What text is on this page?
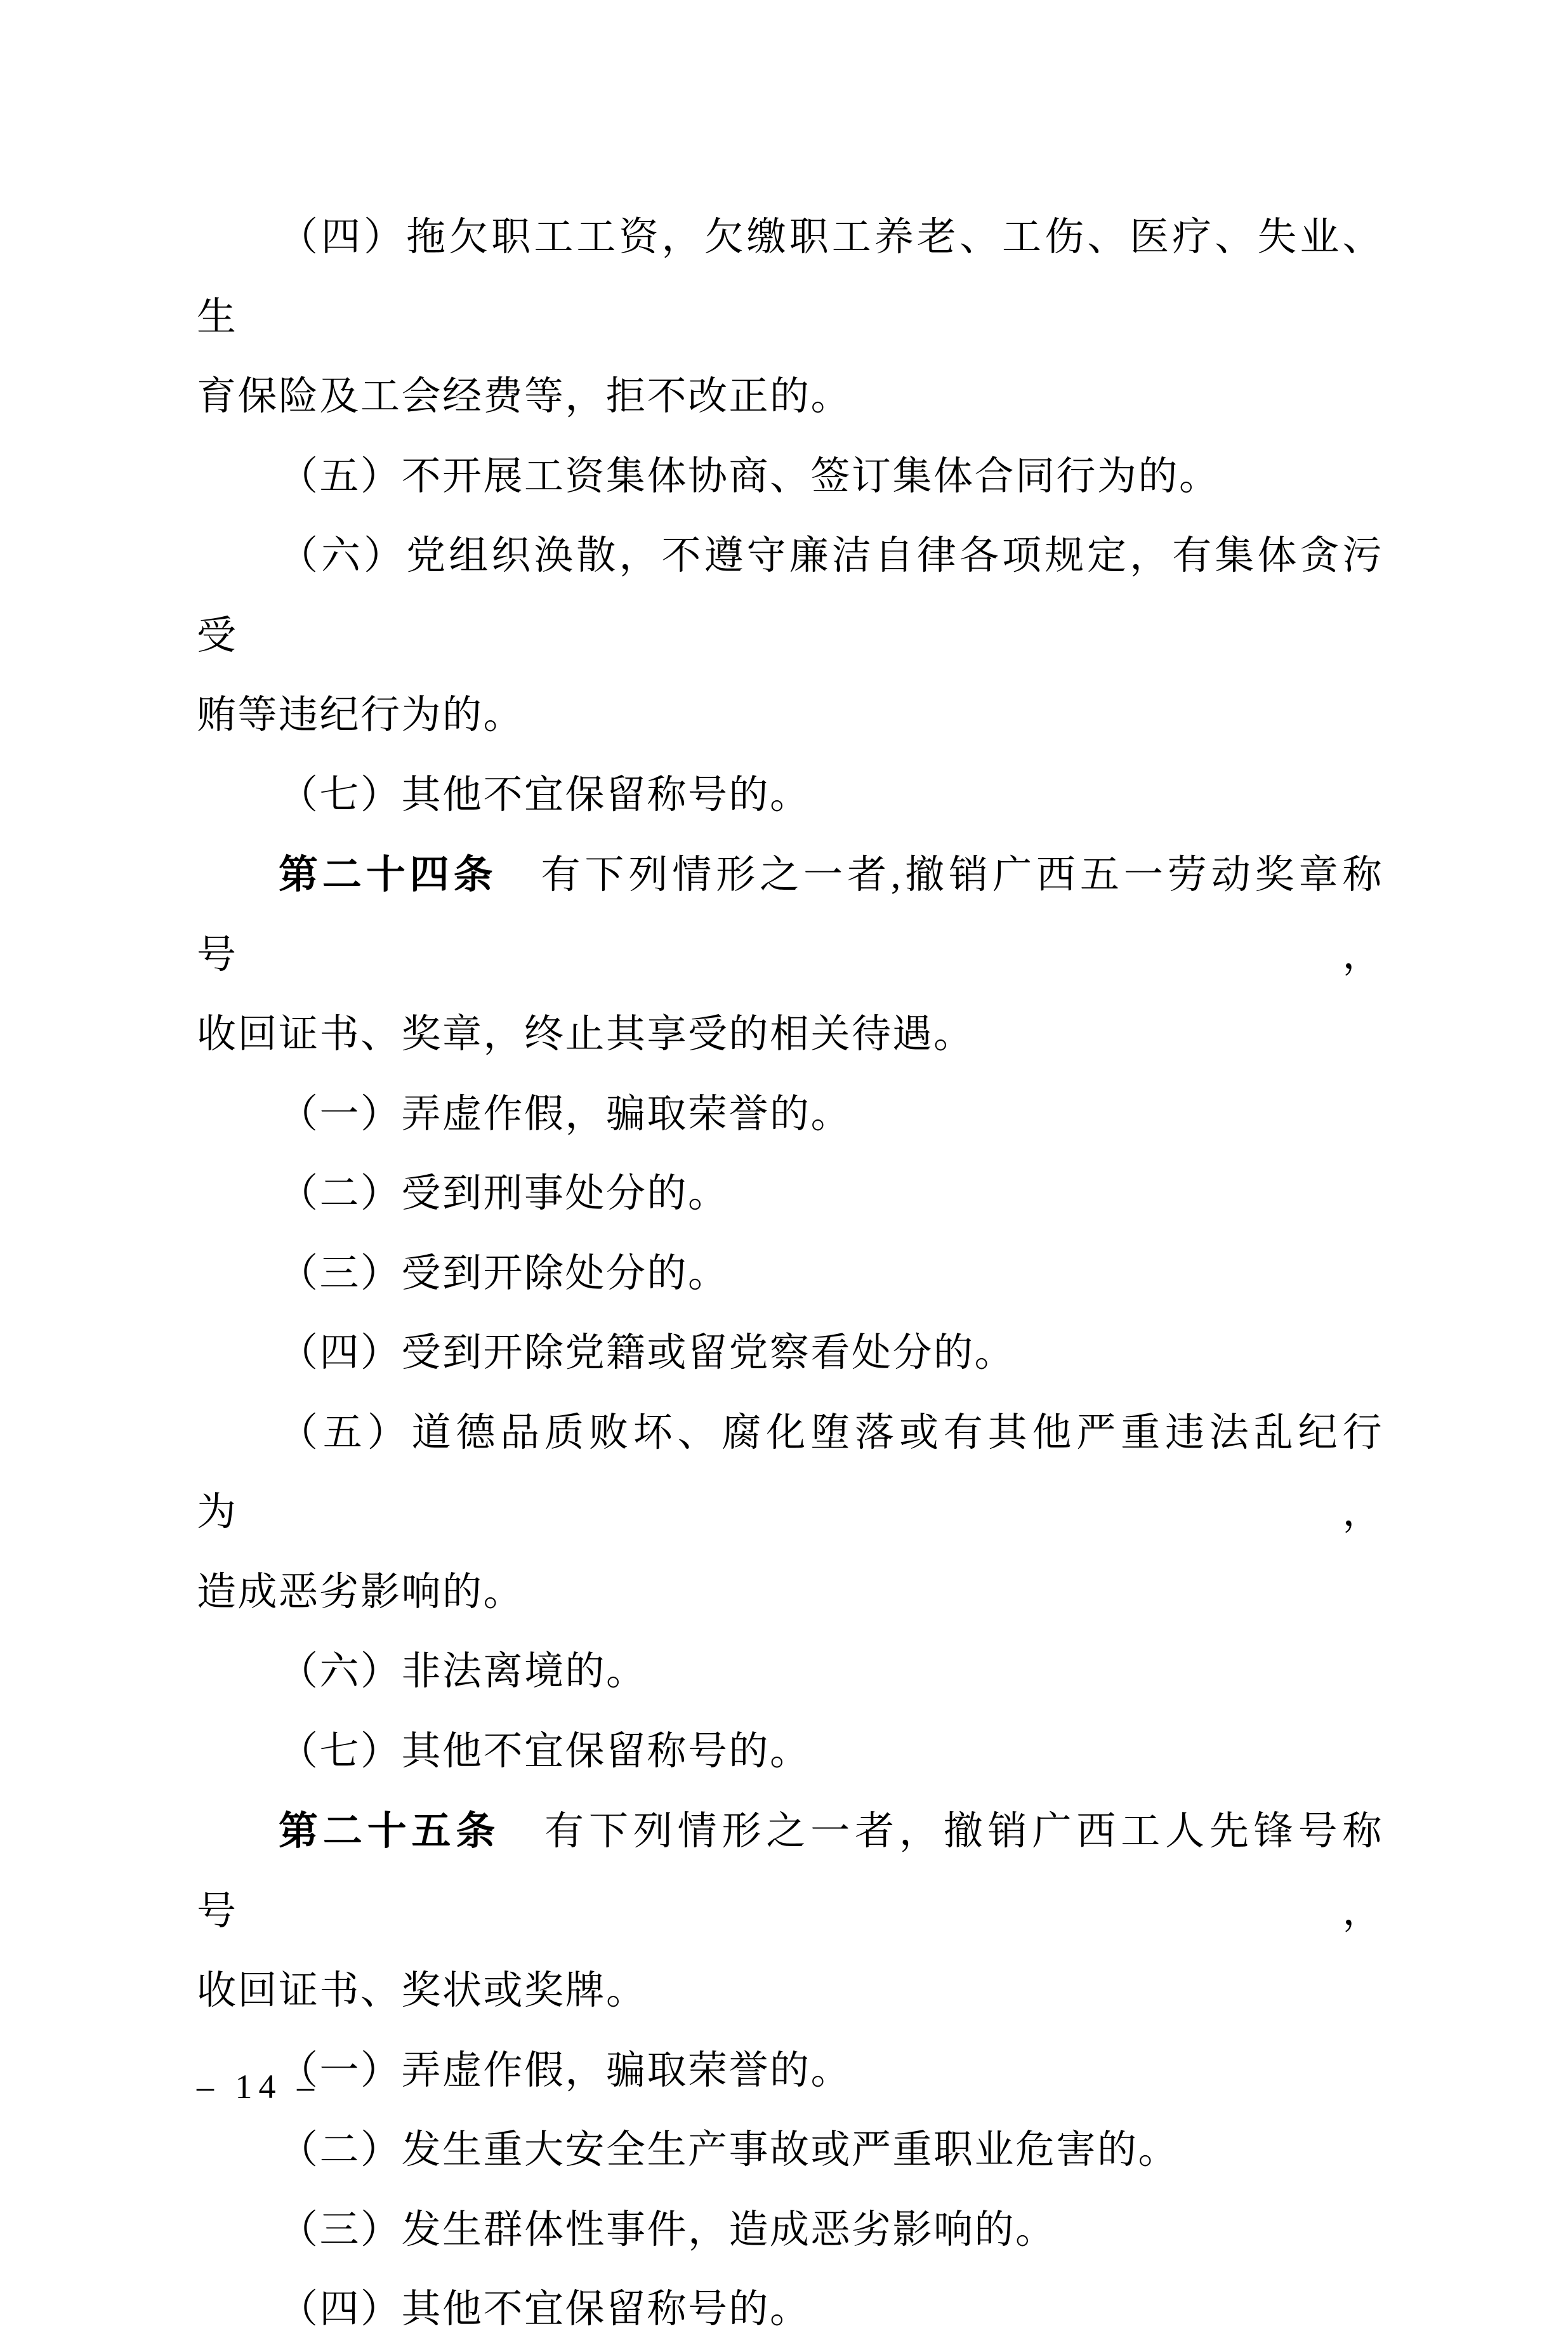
（四）拖欠职工工资，欠缴职工养老、工伤、医疗、失业、生
育保险及工会经费等，拒不改正的。
（五）不开展工资集体协商、签订集体合同行为的。
（六）党组织涣散，不遵守廉洁自律各项规定，有集体贪污受
贿等违纪行为的。
（七）其他不宜保留称号的。
第二十四条　有下列情形之一者,撤销广西五一劳动奖章称号，
收回证书、奖章，终止其享受的相关待遇。
（一）弄虚作假，骗取荣誉的。
（二）受到刑事处分的。
（三）受到开除处分的。
（四）受到开除党籍或留党察看处分的。
（五）道德品质败坏、腐化堕落或有其他严重违法乱纪行为，
造成恶劣影响的。
（六）非法离境的。
（七）其他不宜保留称号的。
第二十五条　有下列情形之一者，撤销广西工人先锋号称号，
收回证书、奖状或奖牌。
（一）弄虚作假，骗取荣誉的。
（二）发生重大安全生产事故或严重职业危害的。
（三）发生群体性事件，造成恶劣影响的。
（四）其他不宜保留称号的。
– 14 –
